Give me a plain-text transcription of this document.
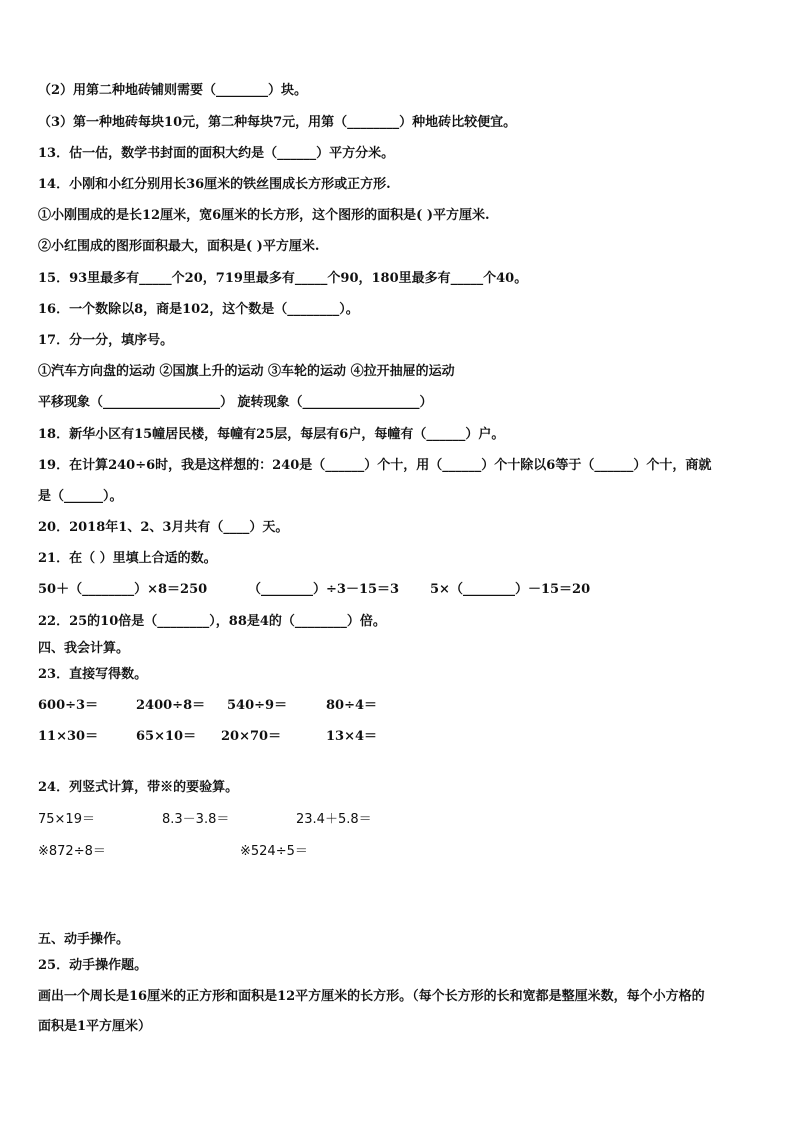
（2）用第二种地砖铺则需要（________）块。
（3）第一种地砖每块10元，第二种每块7元，用第（________）种地砖比较便宜。
13．估一估，数学书封面的面积大约是（______）平方分米。
14．小刚和小红分别用长36厘米的铁丝围成长方形或正方形.
①小刚围成的是长12厘米，宽6厘米的长方形，这个图形的面积是( )平方厘米.
②小红围成的图形面积最大，面积是( )平方厘米.
15．93里最多有_____个20，719里最多有_____个90，180里最多有_____个40。
16．一个数除以8，商是102，这个数是（________）。
17．分一分，填序号。
①汽车方向盘的运动 ②国旗上升的运动 ③车轮的运动 ④拉开抽屉的运动
平移现象（__________________） 旋转现象（__________________）
18．新华小区有15幢居民楼，每幢有25层，每层有6户，每幢有（______）户。
19．在计算240÷6时，我是这样想的：240是（______）个十，用（______）个十除以6等于（______）个十，商就
是（______）。
20．2018年1、2、3月共有（____）天。
21．在（ ）里填上合适的数。
50＋（________）×8＝250	（________）÷3－15＝3 5×（________）－15＝20
22．25的10倍是（________），88是4的（________）倍。
四、我会计算。
23．直接写得数。
600÷3＝	2400÷8＝ 540÷9＝	80÷4＝
11×30＝	65×10＝ 20×70＝	13×4＝
24．列竖式计算，带※的要验算。
75×19＝	8.3－3.8＝	23.4＋5.8＝
※872÷8＝	※524÷5＝
五、动手操作。
25．动手操作题。
画出一个周长是16厘米的正方形和面积是12平方厘米的长方形。（每个长方形的长和宽都是整厘米数，每个小方格的
面积是1平方厘米）
